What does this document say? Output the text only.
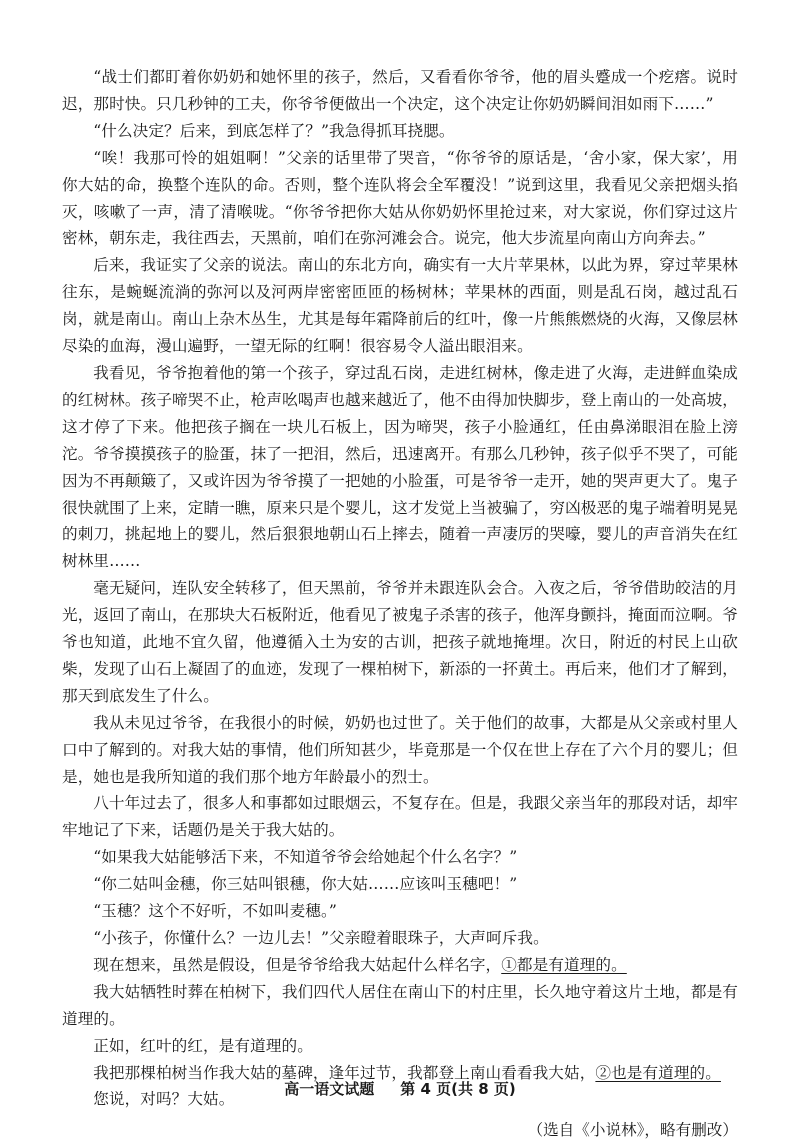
“战士们都盯着你奶奶和她怀里的孩子，然后，又看看你爷爷，他的眉头蹙成一个疙瘩。说时迟，那时快。只几秒钟的工夫，你爷爷便做出一个决定，这个决定让你奶奶瞬间泪如雨下……”

“什么决定？后来，到底怎样了？”我急得抓耳挠腮。

“唉！我那可怜的姐姐啊！”父亲的话里带了哭音，“你爷爷的原话是，‘舍小家，保大家’，用你大姑的命，换整个连队的命。否则，整个连队将会全军覆没！”说到这里，我看见父亲把烟头掐灭，咳嗽了一声，清了清喉咙。“你爷爷把你大姑从你奶奶怀里抢过来，对大家说，你们穿过这片密林，朝东走，我往西去，天黑前，咱们在弥河滩会合。说完，他大步流星向南山方向奔去。”

后来，我证实了父亲的说法。南山的东北方向，确实有一大片苹果林，以此为界，穿过苹果林往东，是蜿蜒流淌的弥河以及河两岸密密匝匝的杨树林；苹果林的西面，则是乱石岗，越过乱石岗，就是南山。南山上杂木丛生，尤其是每年霜降前后的红叶，像一片熊熊燃烧的火海，又像层林尽染的血海，漫山遍野，一望无际的红啊！很容易令人溢出眼泪来。

我看见，爷爷抱着他的第一个孩子，穿过乱石岗，走进红树林，像走进了火海，走进鲜血染成的红树林。孩子啼哭不止，枪声吆喝声也越来越近了，他不由得加快脚步，登上南山的一处高坡，这才停了下来。他把孩子搁在一块儿石板上，因为啼哭，孩子小脸通红，任由鼻涕眼泪在脸上滂沱。爷爷摸摸孩子的脸蛋，抹了一把泪，然后，迅速离开。有那么几秒钟，孩子似乎不哭了，可能因为不再颠簸了，又或许因为爷爷摸了一把她的小脸蛋，可是爷爷一走开，她的哭声更大了。鬼子很快就围了上来，定睛一瞧，原来只是个婴儿，这才发觉上当被骗了，穷凶极恶的鬼子端着明晃晃的刺刀，挑起地上的婴儿，然后狠狠地朝山石上摔去，随着一声凄厉的哭嚎，婴儿的声音消失在红树林里……

毫无疑问，连队安全转移了，但天黑前，爷爷并未跟连队会合。入夜之后，爷爷借助皎洁的月光，返回了南山，在那块大石板附近，他看见了被鬼子杀害的孩子，他浑身颤抖，掩面而泣啊。爷爷也知道，此地不宜久留，他遵循入土为安的古训，把孩子就地掩埋。次日，附近的村民上山砍柴，发现了山石上凝固了的血迹，发现了一棵柏树下，新添的一抔黄土。再后来，他们才了解到，那天到底发生了什么。

我从未见过爷爷，在我很小的时候，奶奶也过世了。关于他们的故事，大都是从父亲或村里人口中了解到的。对我大姑的事情，他们所知甚少，毕竟那是一个仅在世上存在了六个月的婴儿；但是，她也是我所知道的我们那个地方年龄最小的烈士。

八十年过去了，很多人和事都如过眼烟云，不复存在。但是，我跟父亲当年的那段对话，却牢牢地记了下来，话题仍是关于我大姑的。

“如果我大姑能够活下来，不知道爷爷会给她起个什么名字？”

“你二姑叫金穗，你三姑叫银穗，你大姑……应该叫玉穗吧！”

“玉穗？这个不好听，不如叫麦穗。”

“小孩子，你懂什么？一边儿去！”父亲瞪着眼珠子，大声呵斥我。

现在想来，虽然是假设，但是爷爷给我大姑起什么样名字，①都是有道理的。

我大姑牺牲时葬在柏树下，我们四代人居住在南山下的村庄里，长久地守着这片土地，都是有道理的。

正如，红叶的红，是有道理的。

我把那棵柏树当作我大姑的墓碑，逢年过节，我都登上南山看看我大姑，②也是有道理的。

您说，对吗？大姑。

（选自《小说林》，略有删改）

高一语文试题 第 4 页(共 8 页)
